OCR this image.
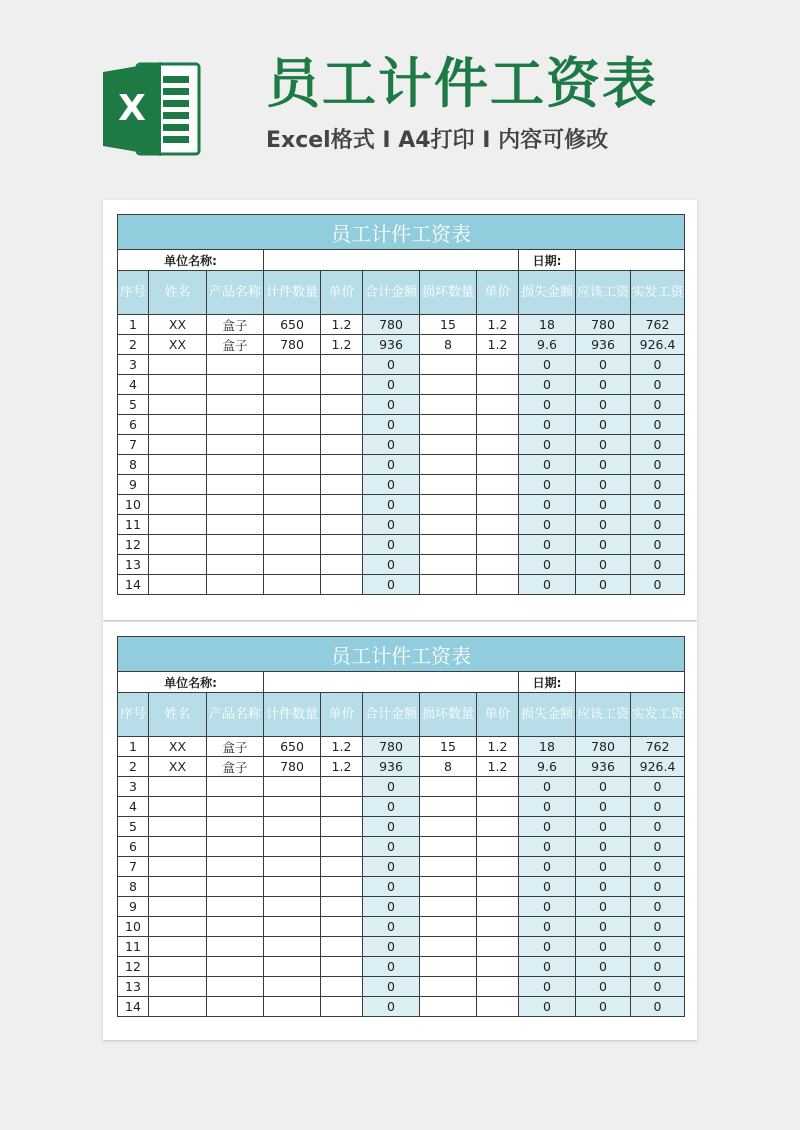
X 员工计件工资表

Excel格式 Ⅰ A4打印 Ⅰ 内容可修改

员工计件工资表										
单位名称:								日期:		
序号	姓名	产品名称	计件数量	单价	合计金额	损坏数量	单价	损失金额	应该工资	实发工资
1	XX	盒子	650	1.2	780	15	1.2	18	780	762
2	XX	盒子	780	1.2	936	8	1.2	9.6	936	926.4
3					0			0	0	0
4					0			0	0	0
5					0			0	0	0
6					0			0	0	0
7					0			0	0	0
8					0			0	0	0
9					0			0	0	0
10					0			0	0	0
11					0			0	0	0
12					0			0	0	0
13					0			0	0	0
14					0			0	0	0
员工计件工资表										
单位名称:								日期:		
序号	姓名	产品名称	计件数量	单价	合计金额	损坏数量	单价	损失金额	应该工资	实发工资
1	XX	盒子	650	1.2	780	15	1.2	18	780	762
2	XX	盒子	780	1.2	936	8	1.2	9.6	936	926.4
3					0			0	0	0
4					0			0	0	0
5					0			0	0	0
6					0			0	0	0
7					0			0	0	0
8					0			0	0	0
9					0			0	0	0
10					0			0	0	0
11					0			0	0	0
12					0			0	0	0
13					0			0	0	0
14					0			0	0	0
